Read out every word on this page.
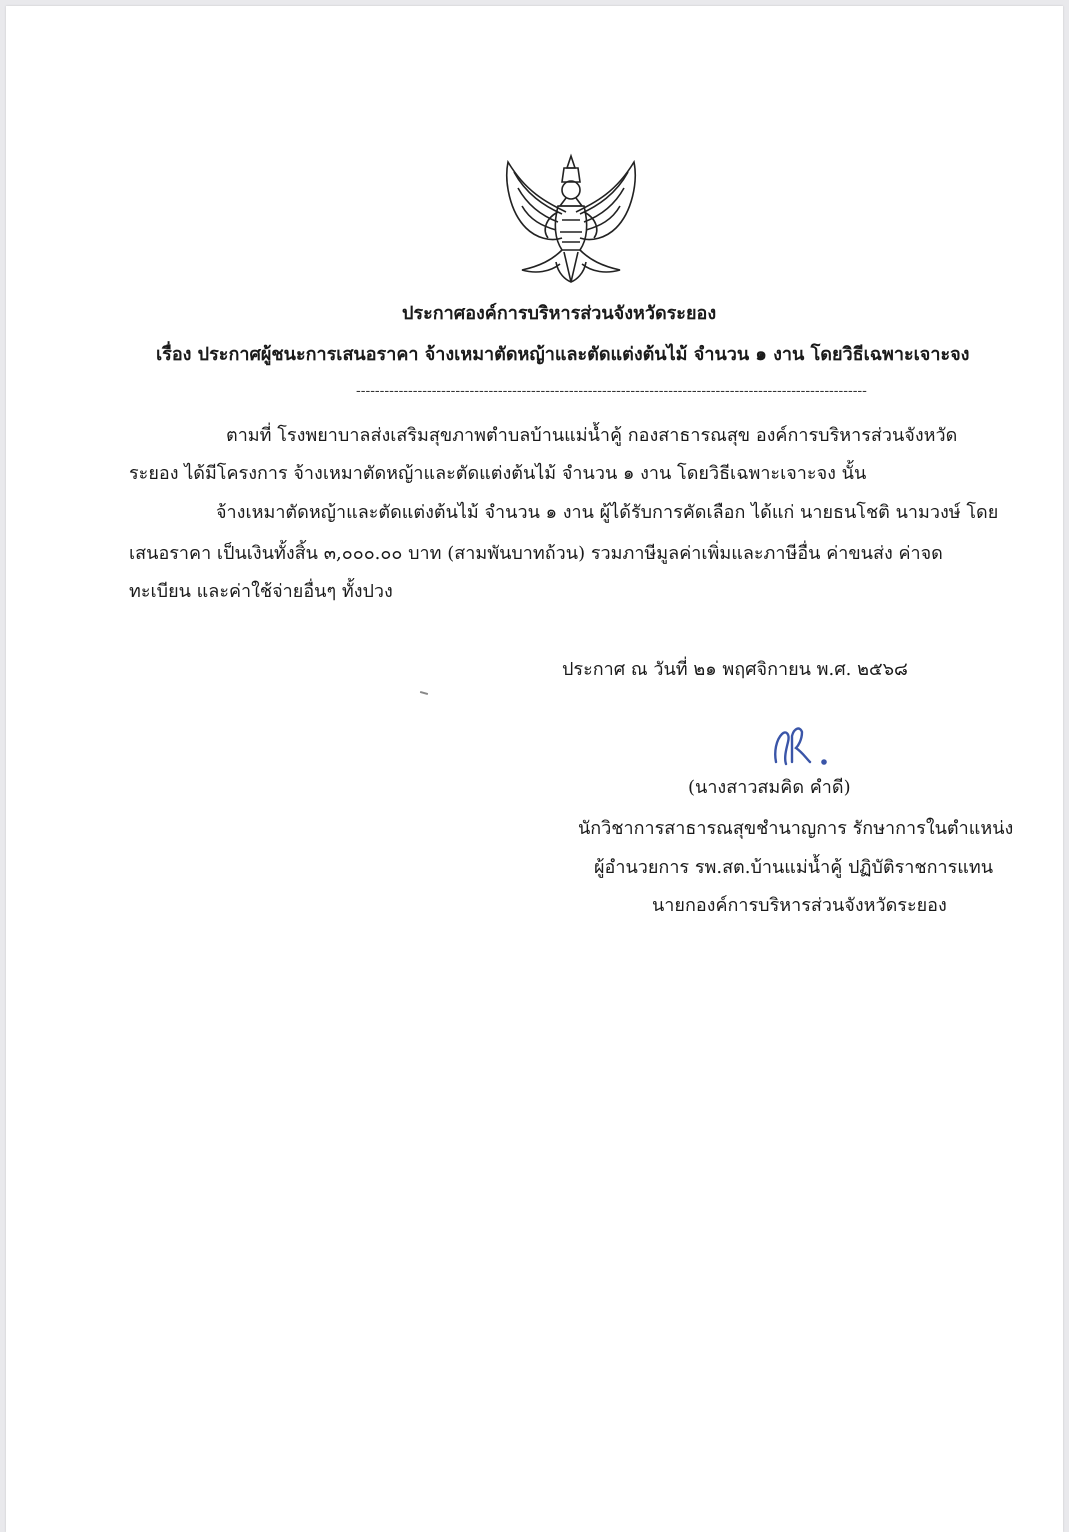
ประกาศองค์การบริหารส่วนจังหวัดระยอง
เรื่อง ประกาศผู้ชนะการเสนอราคา จ้างเหมาตัดหญ้าและตัดแต่งต้นไม้ จำนวน ๑ งาน โดยวิธีเฉพาะเจาะจง
------------------------------------------------------------------------------------------------------------
ตามที่ โรงพยาบาลส่งเสริมสุขภาพตำบลบ้านแม่น้ำคู้ กองสาธารณสุข องค์การบริหารส่วนจังหวัด
ระยอง ได้มีโครงการ จ้างเหมาตัดหญ้าและตัดแต่งต้นไม้ จำนวน ๑ งาน โดยวิธีเฉพาะเจาะจง นั้น
จ้างเหมาตัดหญ้าและตัดแต่งต้นไม้ จำนวน ๑ งาน ผู้ได้รับการคัดเลือก ได้แก่ นายธนโชติ นามวงษ์ โดย
เสนอราคา เป็นเงินทั้งสิ้น ๓,๐๐๐.๐๐ บาท (สามพันบาทถ้วน) รวมภาษีมูลค่าเพิ่มและภาษีอื่น ค่าขนส่ง ค่าจด
ทะเบียน และค่าใช้จ่ายอื่นๆ ทั้งปวง
ประกาศ ณ วันที่ ๒๑ พฤศจิกายน พ.ศ. ๒๕๖๘
(นางสาวสมคิด คำดี)
นักวิชาการสาธารณสุขชำนาญการ รักษาการในตำแหน่ง
ผู้อำนวยการ รพ.สต.บ้านแม่น้ำคู้ ปฏิบัติราชการแทน
นายกองค์การบริหารส่วนจังหวัดระยอง
